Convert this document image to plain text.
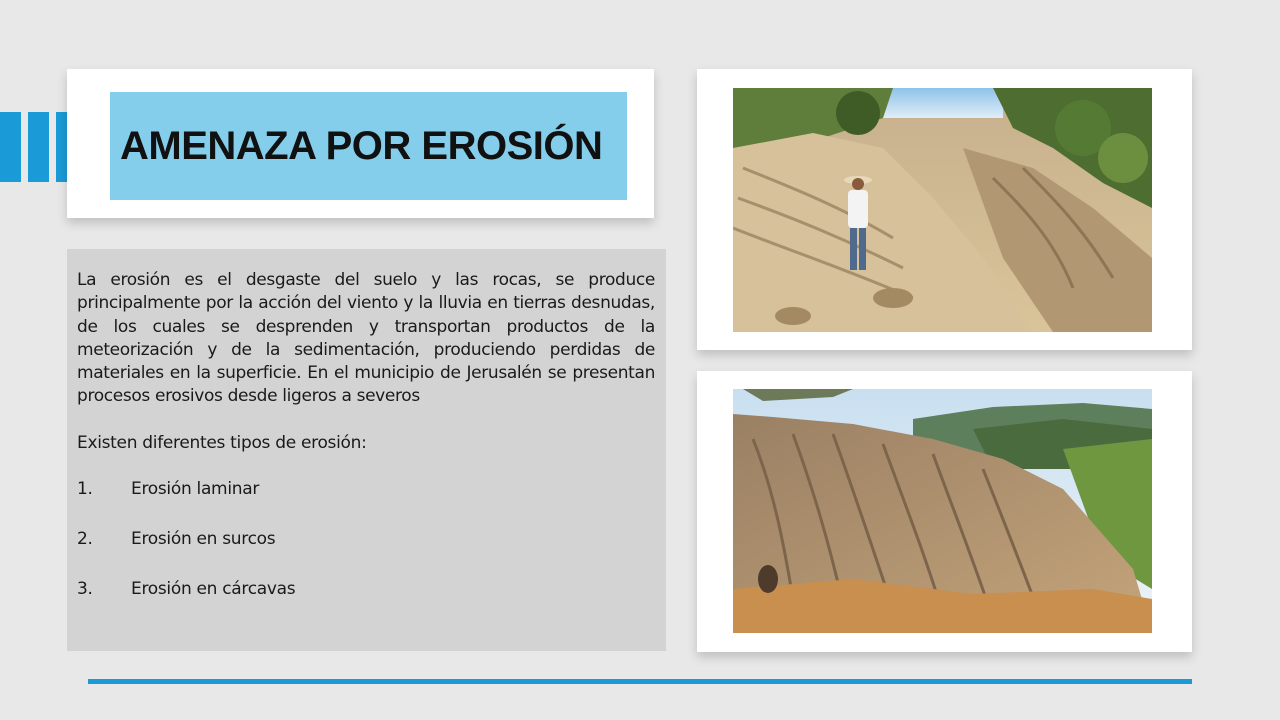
AMENAZA POR EROSIÓN

La erosión es el desgaste del suelo y las rocas, se produce principalmente por la acción del viento y la lluvia en tierras desnudas, de los cuales se desprenden y transportan productos de la meteorización y de la sedimentación, produciendo perdidas de materiales en la superficie. En el municipio de Jerusalén se presentan procesos erosivos desde ligeros a severos

Existen diferentes tipos de erosión:

1.	Erosión laminar
2.	Erosión en surcos
3.	Erosión en cárcavas
